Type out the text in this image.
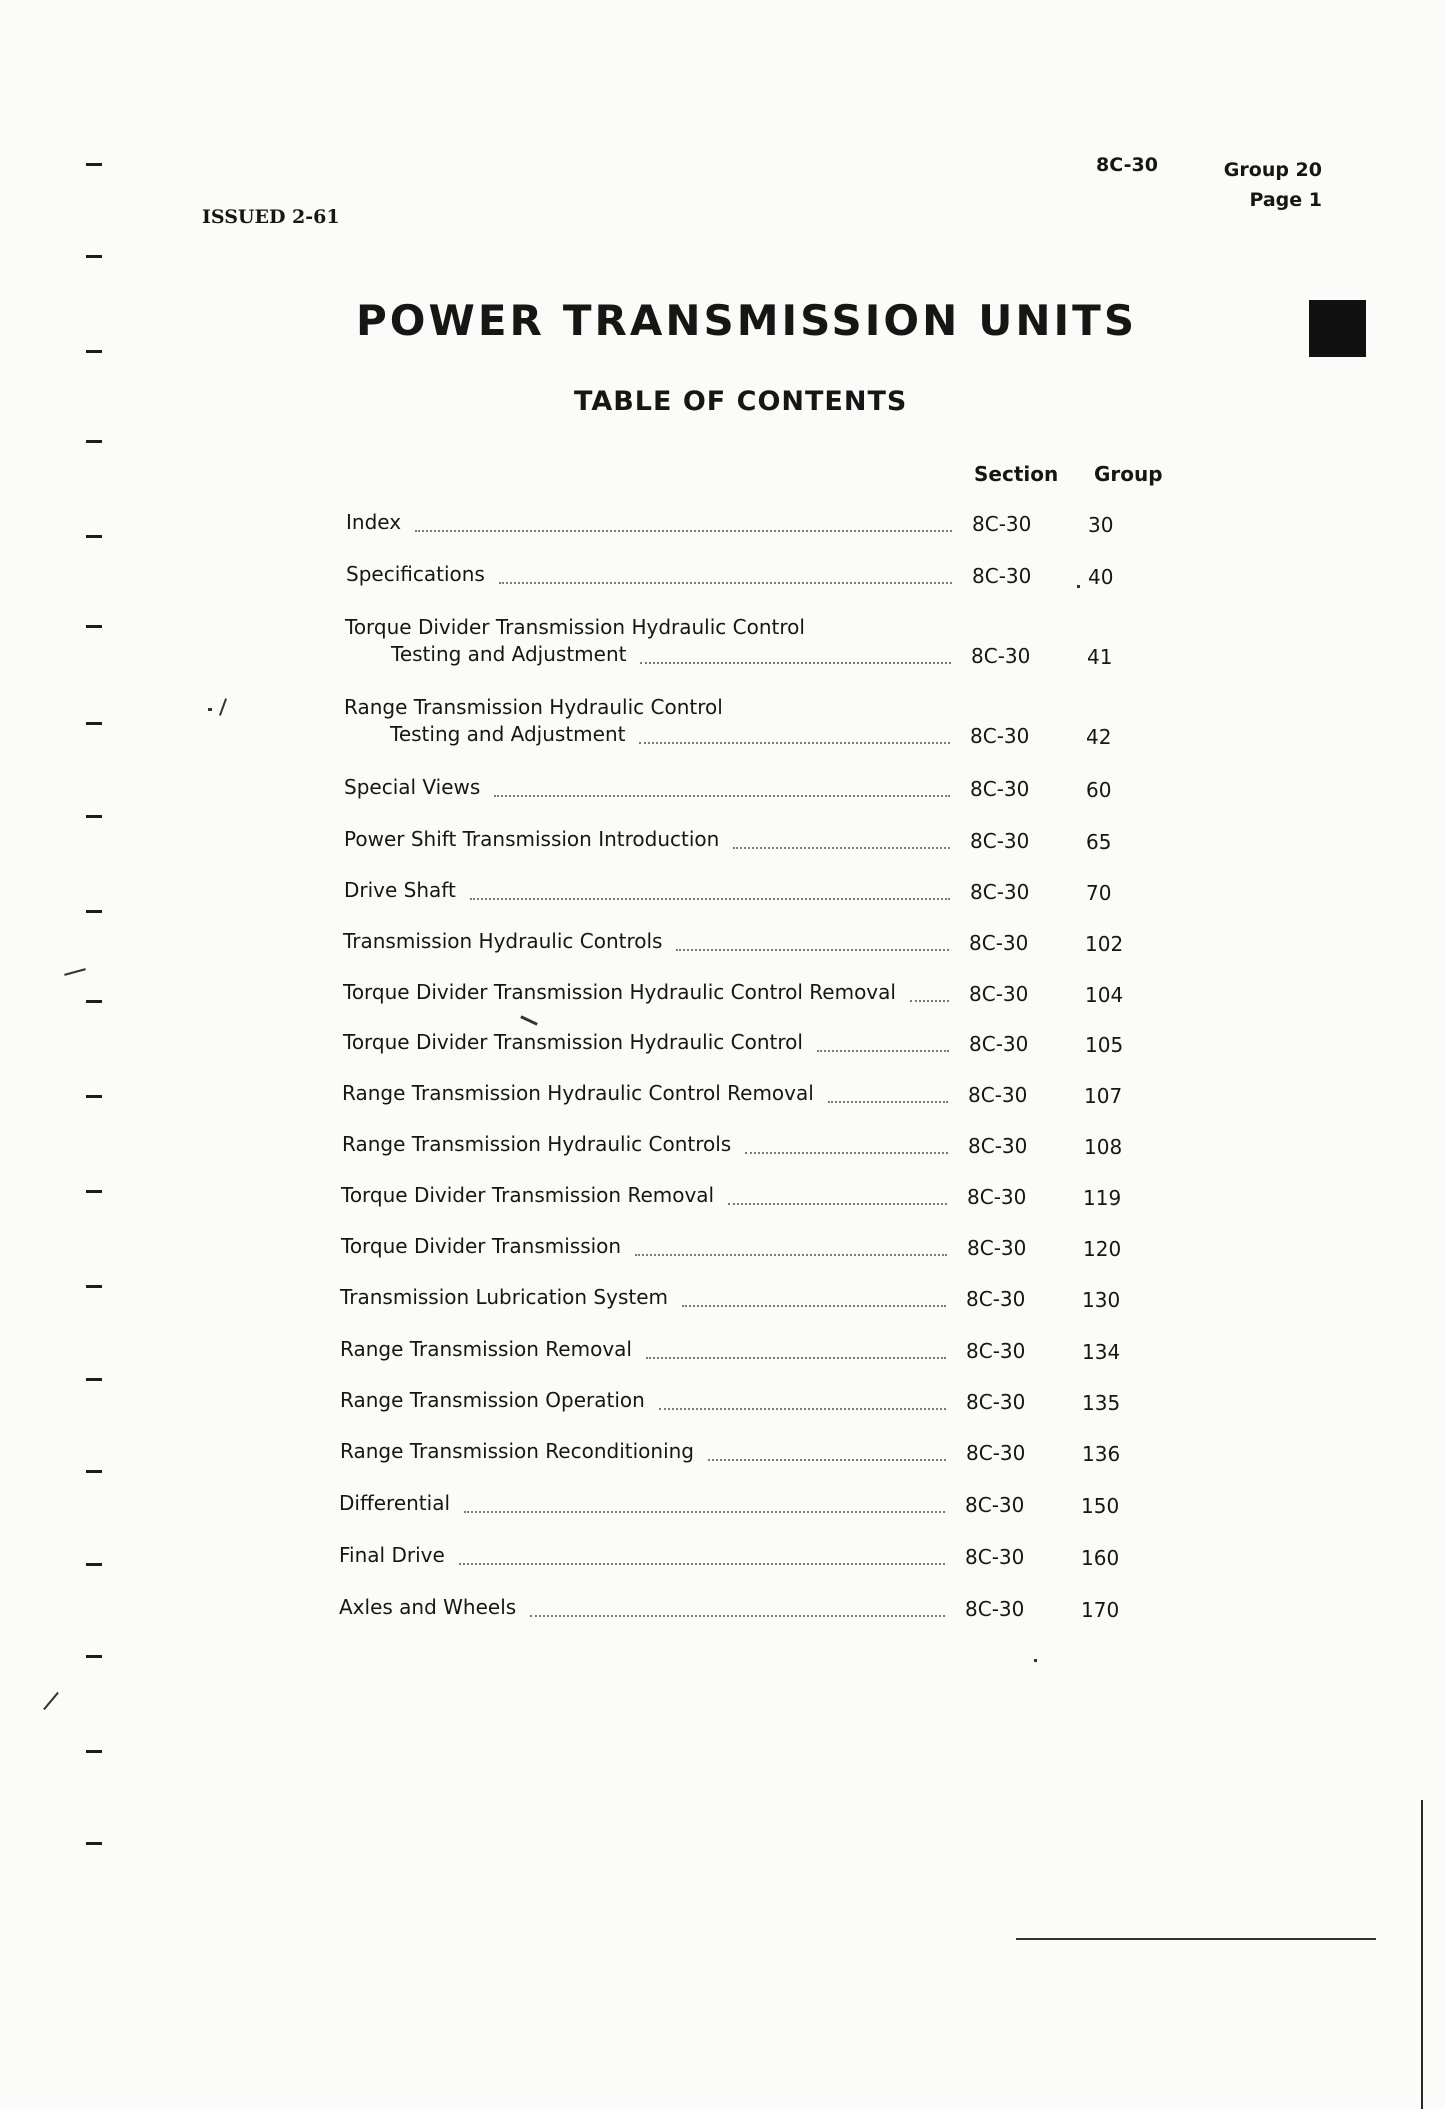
ISSUED 2-61
8C-30	Group 20
Page 1
POWER TRANSMISSION UNITS
TABLE OF CONTENTS
Section Group
Index	8C-30	30
Specifications	8C-30	40
Torque Divider Transmission Hydraulic Control
Testing and Adjustment	8C-30	41
Range Transmission Hydraulic Control
Testing and Adjustment	8C-30	42
Special Views	8C-30	60
Power Shift Transmission Introduction	8C-30	65
Drive Shaft	8C-30	70
Transmission Hydraulic Controls	8C-30	102
Torque Divider Transmission Hydraulic Control Removal	8C-30	104
Torque Divider Transmission Hydraulic Control	8C-30	105
Range Transmission Hydraulic Control Removal	8C-30	107
Range Transmission Hydraulic Controls	8C-30	108
Torque Divider Transmission Removal	8C-30	119
Torque Divider Transmission	8C-30	120
Transmission Lubrication System	8C-30	130
Range Transmission Removal	8C-30	134
Range Transmission Operation	8C-30	135
Range Transmission Reconditioning	8C-30	136
Differential	8C-30	150
Final Drive	8C-30	160
Axles and Wheels	8C-30	170
